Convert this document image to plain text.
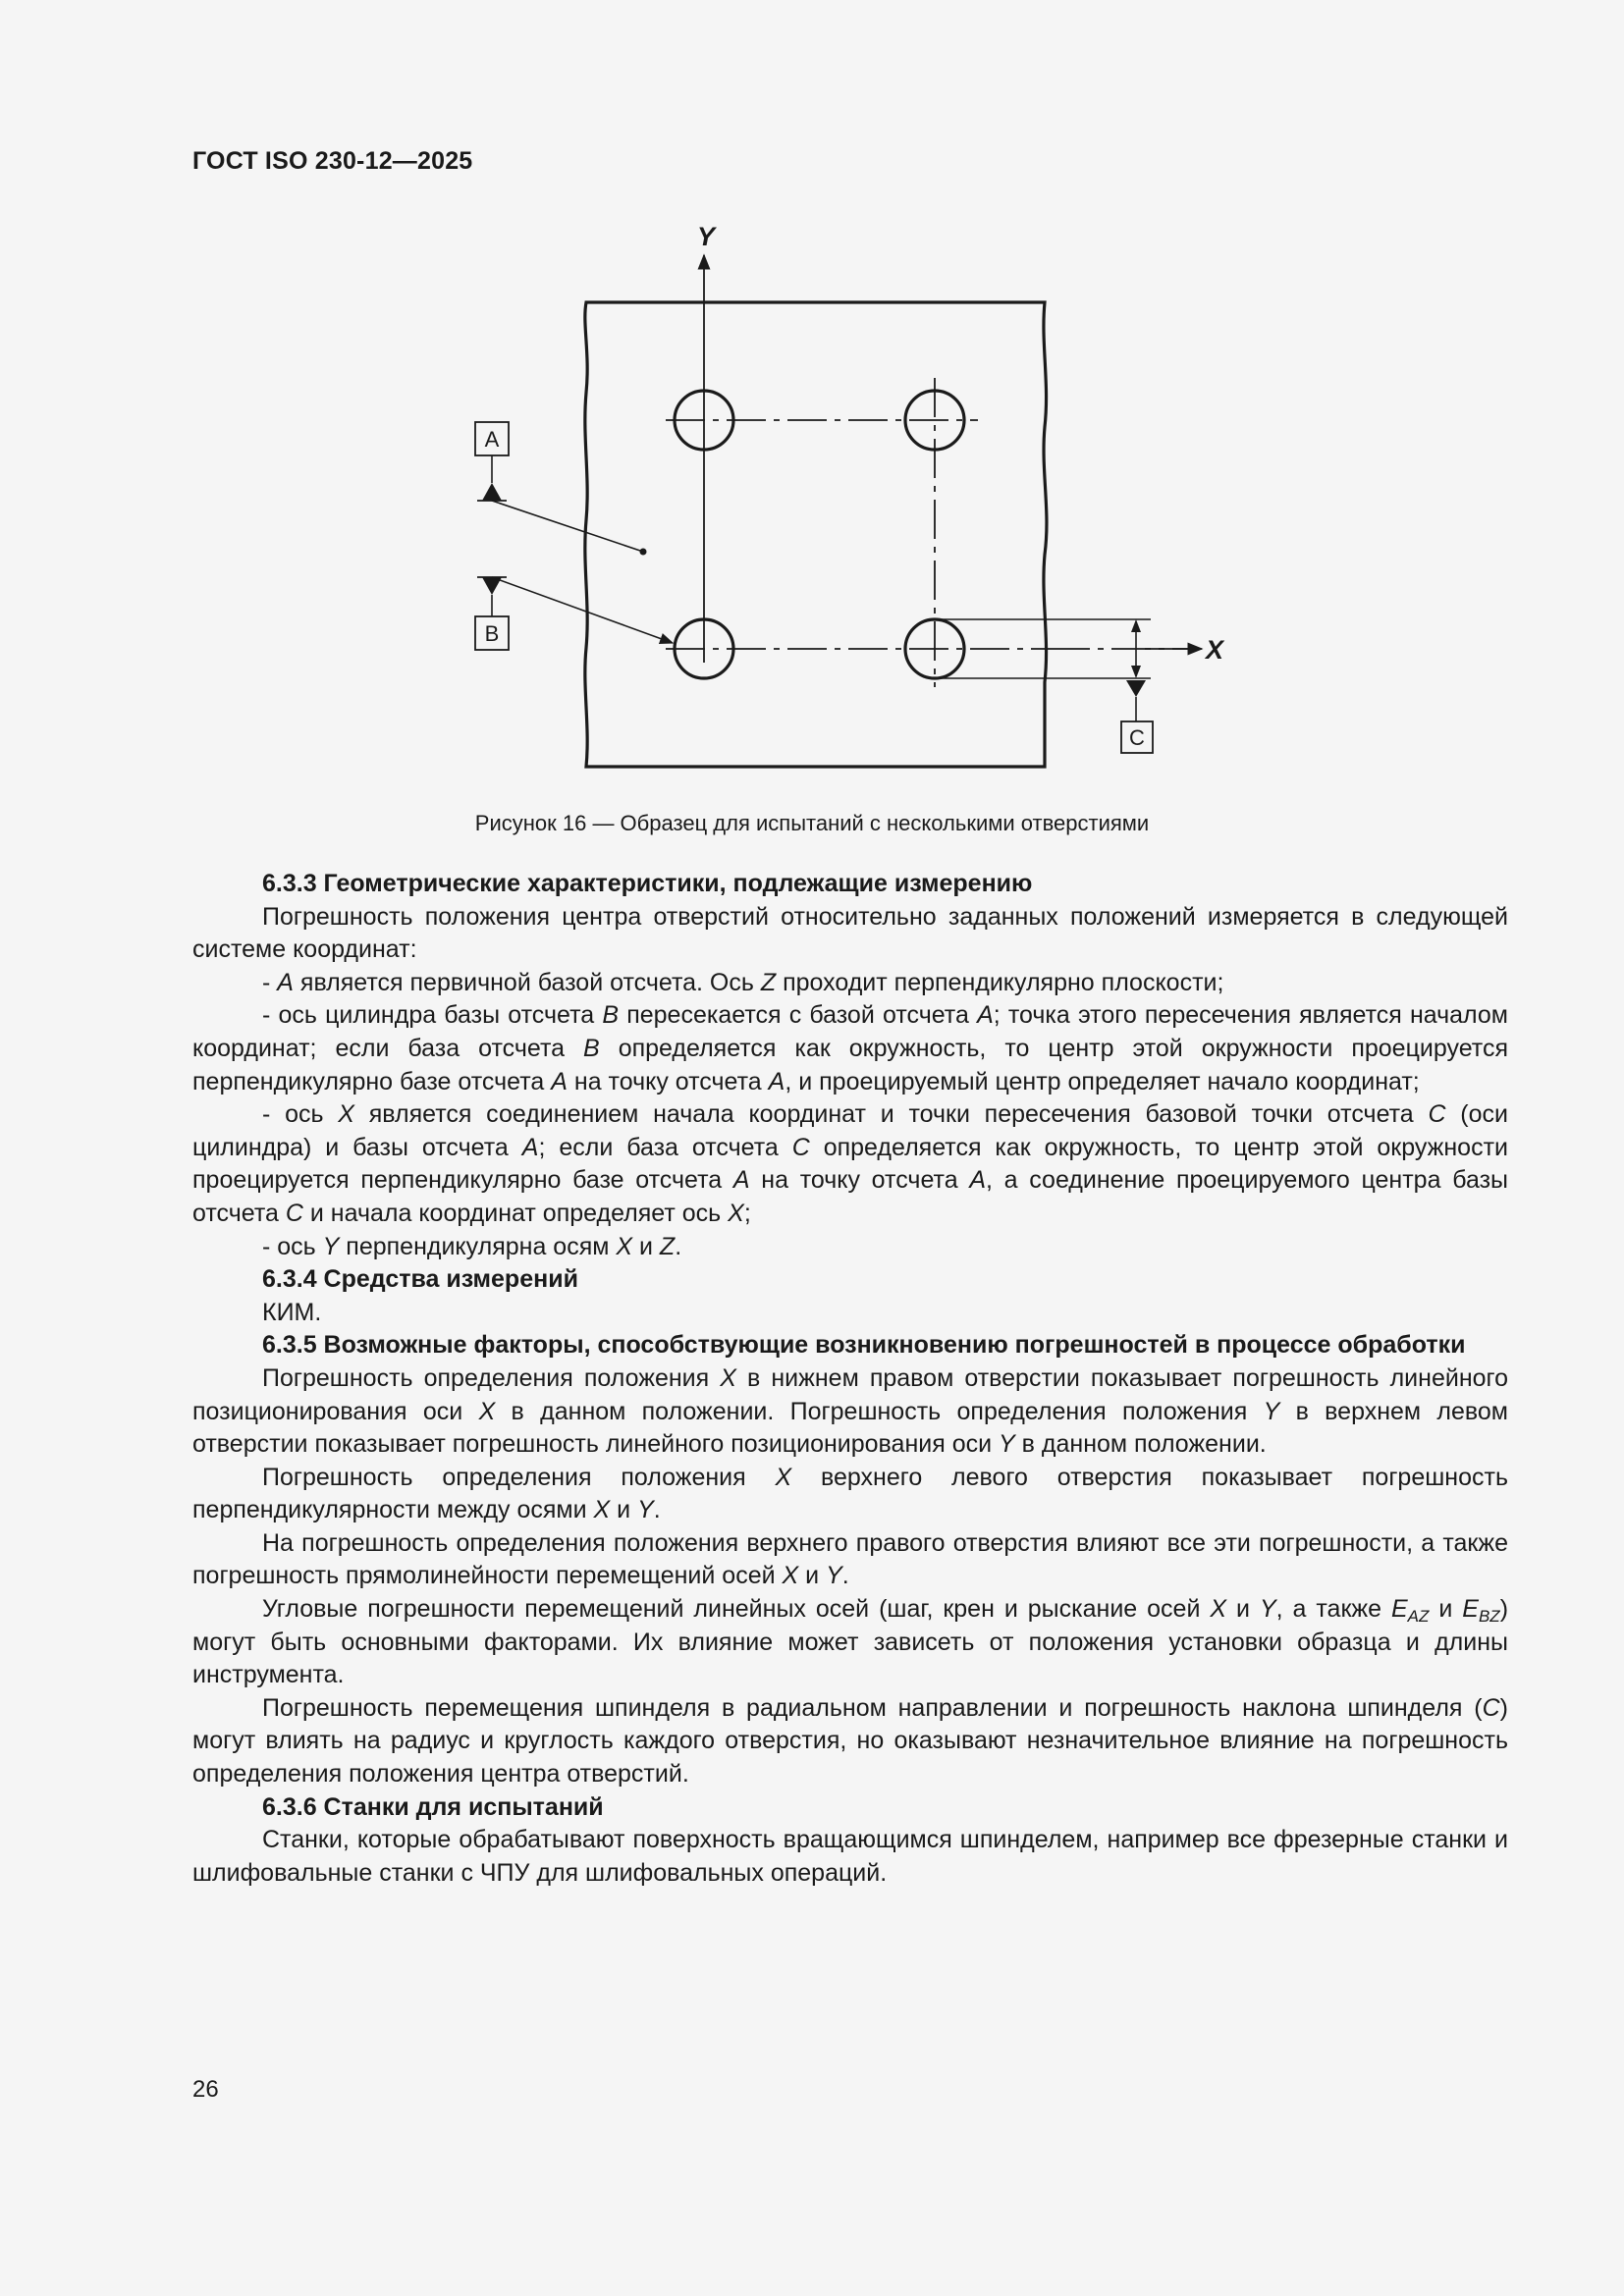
ГОСТ ISO 230-12—2025
Y
X
C
A
B
Рисунок 16 — Образец для испытаний с несколькими отверстиями

6.3.3 Геометрические характеристики, подлежащие измерению

Погрешность положения центра отверстий относительно заданных положений измеряется в следующей системе координат:

- A является первичной базой отсчета. Ось Z проходит перпендикулярно плоскости;

- ось цилиндра базы отсчета B пересекается с базой отсчета A; точка этого пересечения является началом координат; если база отсчета B определяется как окружность, то центр этой окружности проецируется перпендикулярно базе отсчета A на точку отсчета A, и проецируемый центр определяет начало координат;

- ось X является соединением начала координат и точки пересечения базовой точки отсчета C (оси цилиндра) и базы отсчета A; если база отсчета C определяется как окружность, то центр этой окружности проецируется перпендикулярно базе отсчета A на точку отсчета A, а соединение проецируемого центра базы отсчета C и начала координат определяет ось X;

- ось Y перпендикулярна осям X и Z.

6.3.4 Средства измерений

КИМ.

6.3.5 Возможные факторы, способствующие возникновению погрешностей в процессе обработки

Погрешность определения положения X в нижнем правом отверстии показывает погрешность линейного позиционирования оси X в данном положении. Погрешность определения положения Y в верхнем левом отверстии показывает погрешность линейного позиционирования оси Y в данном положении.

Погрешность определения положения X верхнего левого отверстия показывает погрешность перпендикулярности между осями X и Y.

На погрешность определения положения верхнего правого отверстия влияют все эти погрешности, а также погрешность прямолинейности перемещений осей X и Y.

Угловые погрешности перемещений линейных осей (шаг, крен и рыскание осей X и Y, а также $E_{AZ}$ и $E_{BZ}$) могут быть основными факторами. Их влияние может зависеть от положения установки образца и длины инструмента.

Погрешность перемещения шпинделя в радиальном направлении и погрешность наклона шпинделя (C) могут влиять на радиус и круглость каждого отверстия, но оказывают незначительное влияние на погрешность определения положения центра отверстий.

6.3.6 Станки для испытаний

Станки, которые обрабатывают поверхность вращающимся шпинделем, например все фрезерные станки и шлифовальные станки с ЧПУ для шлифовальных операций.

26
